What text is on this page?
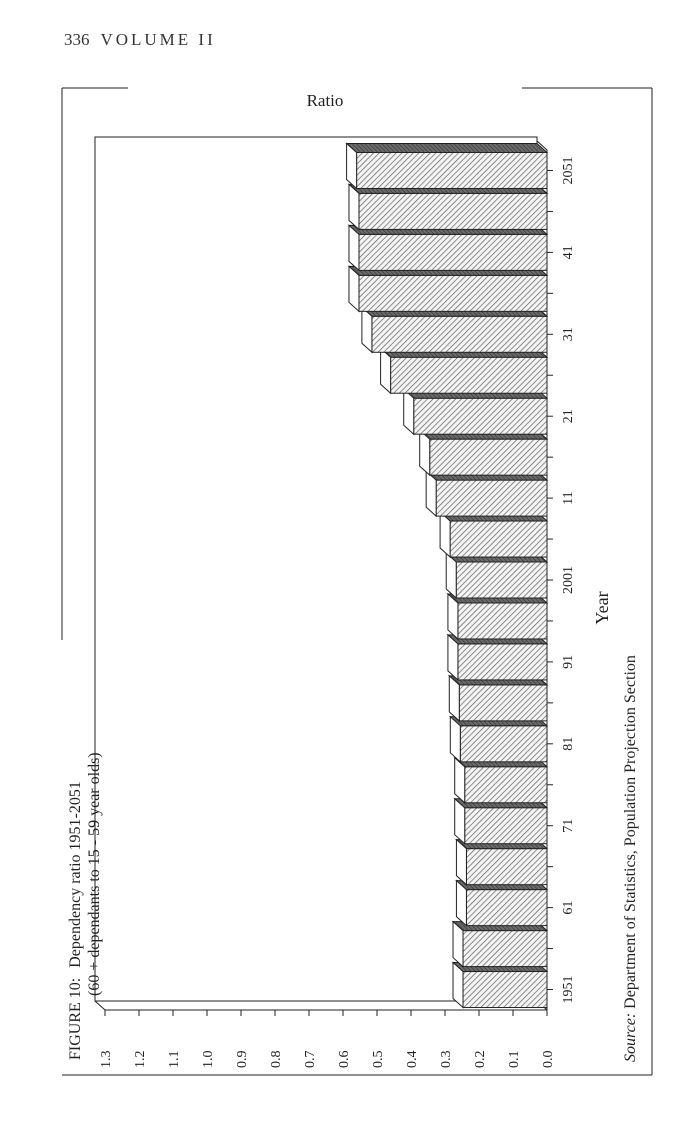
336 VOLUME II
FIGURE 10:Dependency ratio 1951-2051 (60 + dependants to 15 - 59 year olds)
Ratio
Year
Source:Department of Statistics, Population Projection Section
0.0
0.1
0.2
0.3
0.4
0.5
0.6
0.7
0.8
0.9
1.0
1.1
1.2
1.3
1951
61
71
81
91
2001
11
21
31
41
2051
